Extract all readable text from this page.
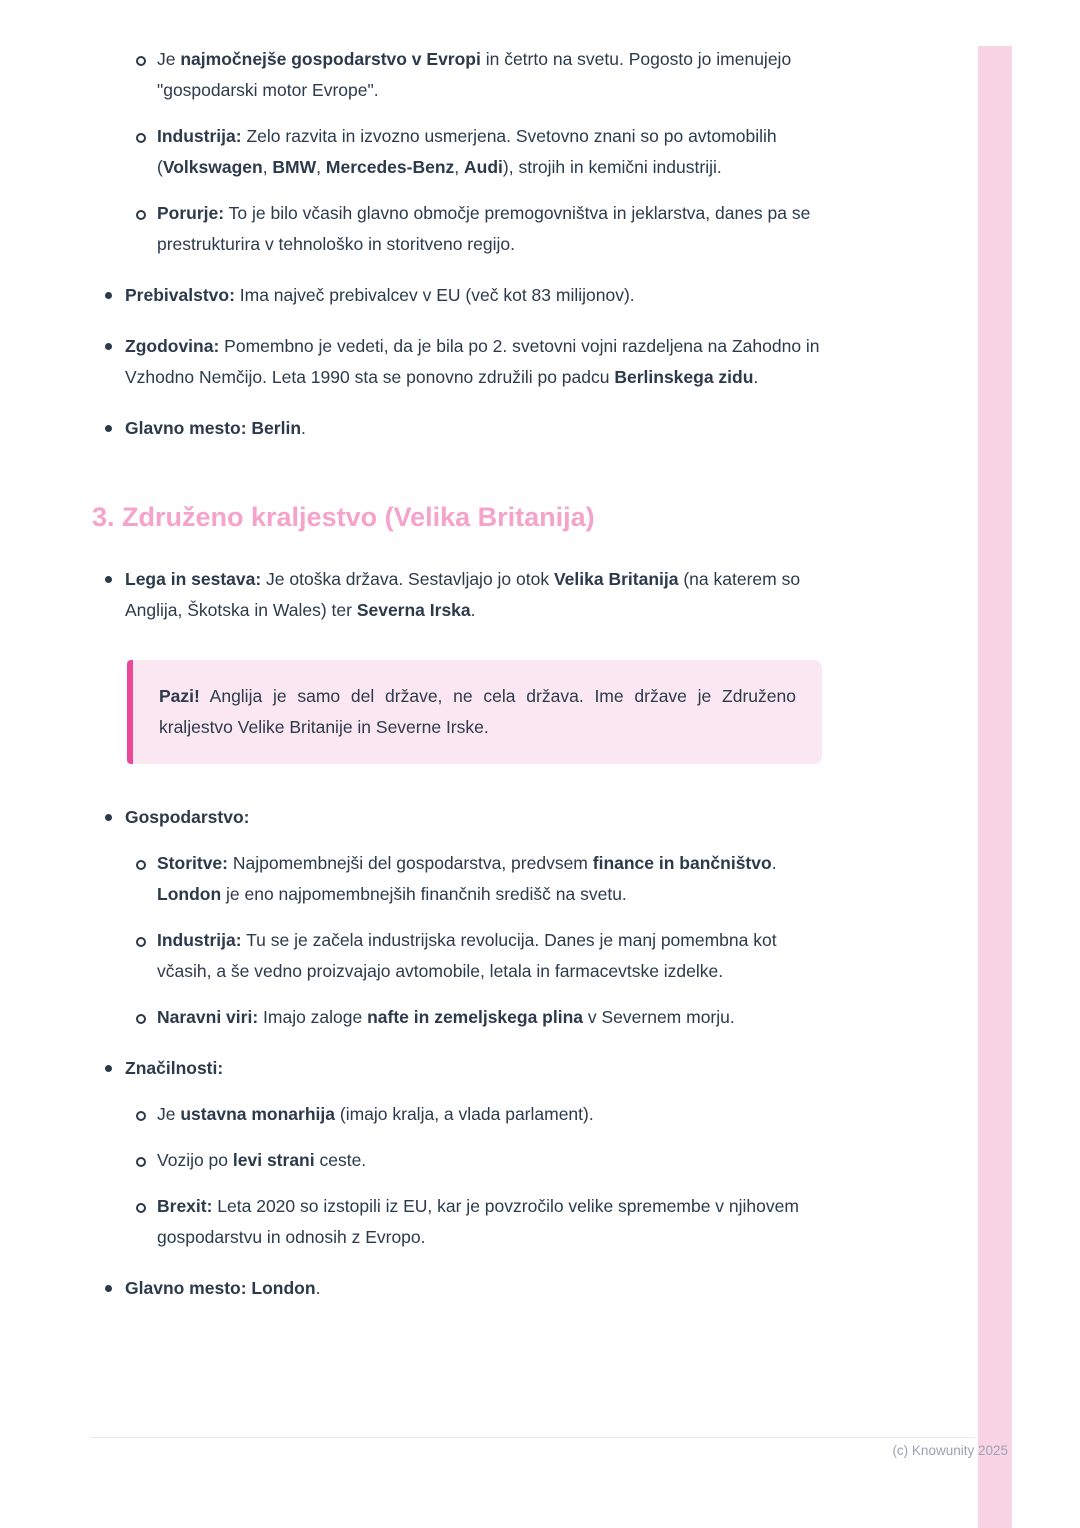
Je najmočnejše gospodarstvo v Evropi in četrto na svetu. Pogosto jo imenujejo "gospodarski motor Evrope".
Industrija: Zelo razvita in izvozno usmerjena. Svetovno znani so po avtomobilih (Volkswagen, BMW, Mercedes-Benz, Audi), strojih in kemični industriji.
Porurje: To je bilo včasih glavno območje premogovništva in jeklarstva, danes pa se prestrukturira v tehnološko in storitveno regijo.
Prebivalstvo: Ima največ prebivalcev v EU (več kot 83 milijonov).
Zgodovina: Pomembno je vedeti, da je bila po 2. svetovni vojni razdeljena na Zahodno in Vzhodno Nemčijo. Leta 1990 sta se ponovno združili po padcu Berlinskega zidu.
Glavno mesto: Berlin.
3. Združeno kraljestvo (Velika Britanija)
Lega in sestava: Je otoška država. Sestavljajo jo otok Velika Britanija (na katerem so Anglija, Škotska in Wales) ter Severna Irska.

Pazi! Anglija je samo del države, ne cela država. Ime države je Združeno kraljestvo Velike Britanije in Severne Irske.

Gospodarstvo:
Storitve: Najpomembnejši del gospodarstva, predvsem finance in bančništvo. London je eno najpomembnejših finančnih središč na svetu.
Industrija: Tu se je začela industrijska revolucija. Danes je manj pomembna kot včasih, a še vedno proizvajajo avtomobile, letala in farmacevtske izdelke.
Naravni viri: Imajo zaloge nafte in zemeljskega plina v Severnem morju.
Značilnosti:
Je ustavna monarhija (imajo kralja, a vlada parlament).
Vozijo po levi strani ceste.
Brexit: Leta 2020 so izstopili iz EU, kar je povzročilo velike spremembe v njihovem gospodarstvu in odnosih z Evropo.
Glavno mesto: London.
(c) Knowunity 2025
